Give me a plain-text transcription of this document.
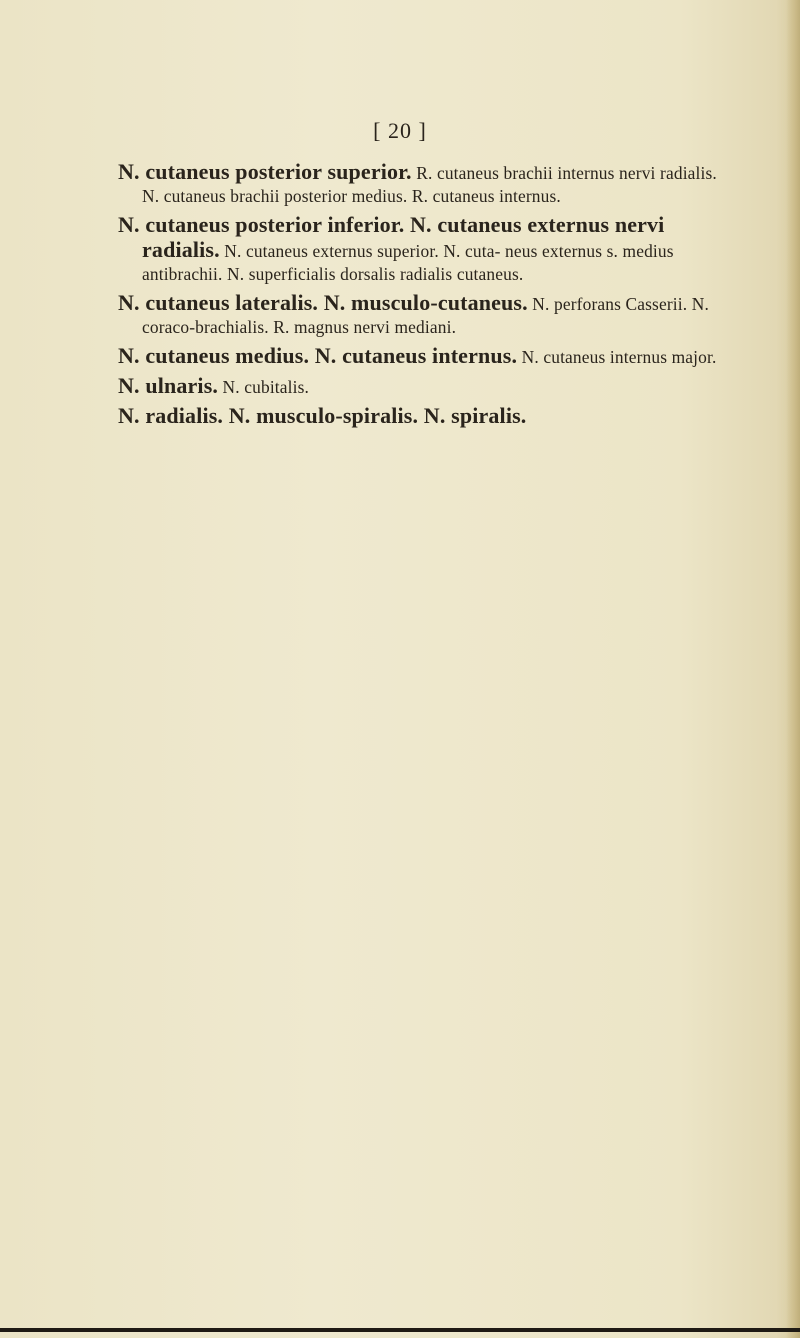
[ 20 ]

N. cutaneus posterior superior. R. cutaneus brachii internus nervi radialis. N. cutaneus brachii posterior medius. R. cutaneus internus.

N. cutaneus posterior inferior. N. cutaneus externus nervi radialis. N. cutaneus externus superior. N. cuta- neus externus s. medius antibrachii. N. superficialis dorsalis radialis cutaneus.

N. cutaneus lateralis. N. musculo-cutaneus. N. perforans Casserii. N. coraco-brachialis. R. magnus nervi mediani.

N. cutaneus medius. N. cutaneus internus. N. cutaneus internus major.

N. ulnaris. N. cubitalis.

N. radialis. N. musculo-spiralis. N. spiralis.
